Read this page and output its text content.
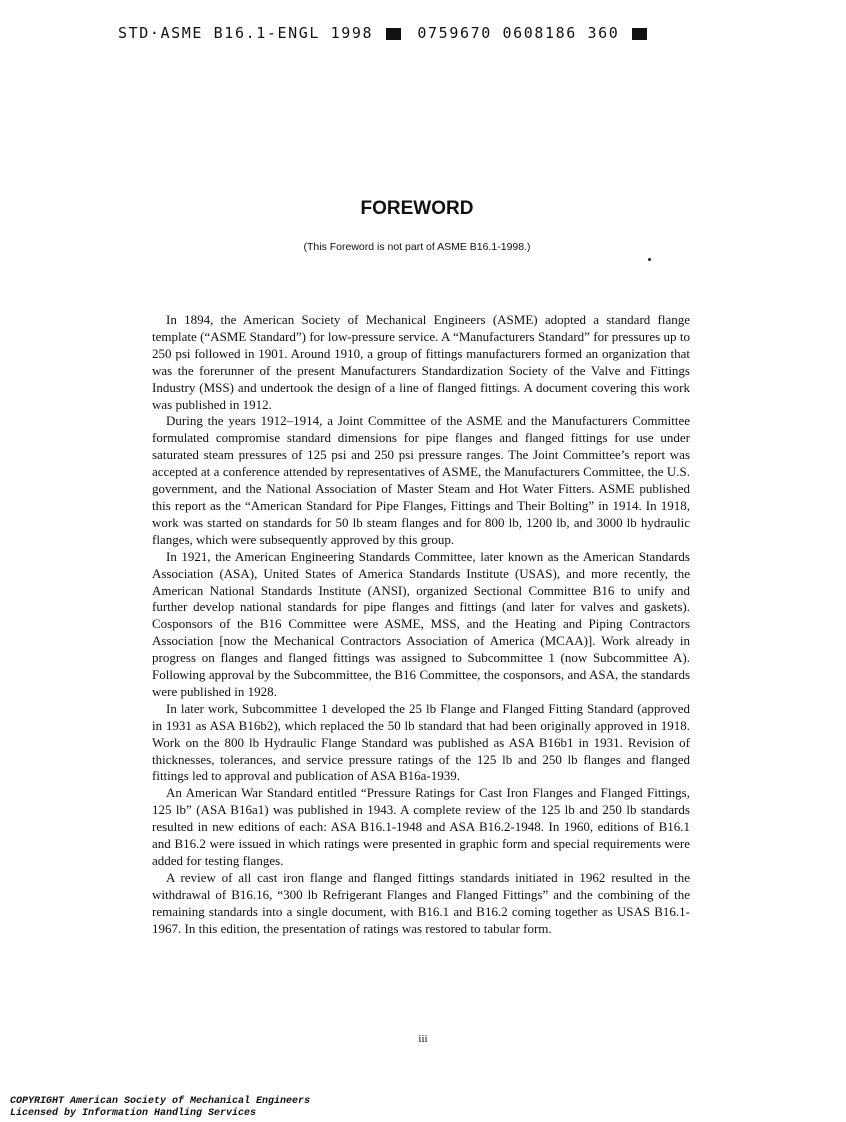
STD·ASME B16.1-ENGL 1998	0759670 0608186 360
FOREWORD
(This Foreword is not part of ASME B16.1-1998.)

In 1894, the American Society of Mechanical Engineers (ASME) adopted a standard flange template (“ASME Standard”) for low-pressure service. A “Manufacturers Standard” for pressures up to 250 psi followed in 1901. Around 1910, a group of fittings manufacturers formed an organization that was the forerunner of the present Manufacturers Standardization Society of the Valve and Fittings Industry (MSS) and undertook the design of a line of flanged fittings. A document covering this work was published in 1912.

During the years 1912–1914, a Joint Committee of the ASME and the Manufacturers Committee formulated compromise standard dimensions for pipe flanges and flanged fittings for use under saturated steam pressures of 125 psi and 250 psi pressure ranges. The Joint Committee’s report was accepted at a conference attended by representatives of ASME, the Manufacturers Committee, the U.S. government, and the National Association of Master Steam and Hot Water Fitters. ASME published this report as the “American Standard for Pipe Flanges, Fittings and Their Bolting” in 1914. In 1918, work was started on standards for 50 lb steam flanges and for 800 lb, 1200 lb, and 3000 lb hydraulic flanges, which were subsequently approved by this group.

In 1921, the American Engineering Standards Committee, later known as the American Standards Association (ASA), United States of America Standards Institute (USAS), and more recently, the American National Standards Institute (ANSI), organized Sectional Committee B16 to unify and further develop national standards for pipe flanges and fittings (and later for valves and gaskets). Cosponsors of the B16 Committee were ASME, MSS, and the Heating and Piping Contractors Association [now the Mechanical Contractors Association of America (MCAA)]. Work already in progress on flanges and flanged fittings was assigned to Subcommittee 1 (now Subcommittee A). Following approval by the Subcommittee, the B16 Committee, the cosponsors, and ASA, the standards were published in 1928.

In later work, Subcommittee 1 developed the 25 lb Flange and Flanged Fitting Standard (approved in 1931 as ASA B16b2), which replaced the 50 lb standard that had been originally approved in 1918. Work on the 800 lb Hydraulic Flange Standard was published as ASA B16b1 in 1931. Revision of thicknesses, tolerances, and service pressure ratings of the 125 lb and 250 lb flanges and flanged fittings led to approval and publication of ASA B16a-1939.

An American War Standard entitled “Pressure Ratings for Cast Iron Flanges and Flanged Fittings, 125 lb” (ASA B16a1) was published in 1943. A complete review of the 125 lb and 250 lb standards resulted in new editions of each: ASA B16.1-1948 and ASA B16.2-1948. In 1960, editions of B16.1 and B16.2 were issued in which ratings were presented in graphic form and special requirements were added for testing flanges.

A review of all cast iron flange and flanged fittings standards initiated in 1962 resulted in the withdrawal of B16.16, “300 lb Refrigerant Flanges and Flanged Fittings” and the combining of the remaining standards into a single document, with B16.1 and B16.2 coming together as USAS B16.1-1967. In this edition, the presentation of ratings was restored to tabular form.

iii
COPYRIGHT American Society of Mechanical Engineers
Licensed by Information Handling Services
